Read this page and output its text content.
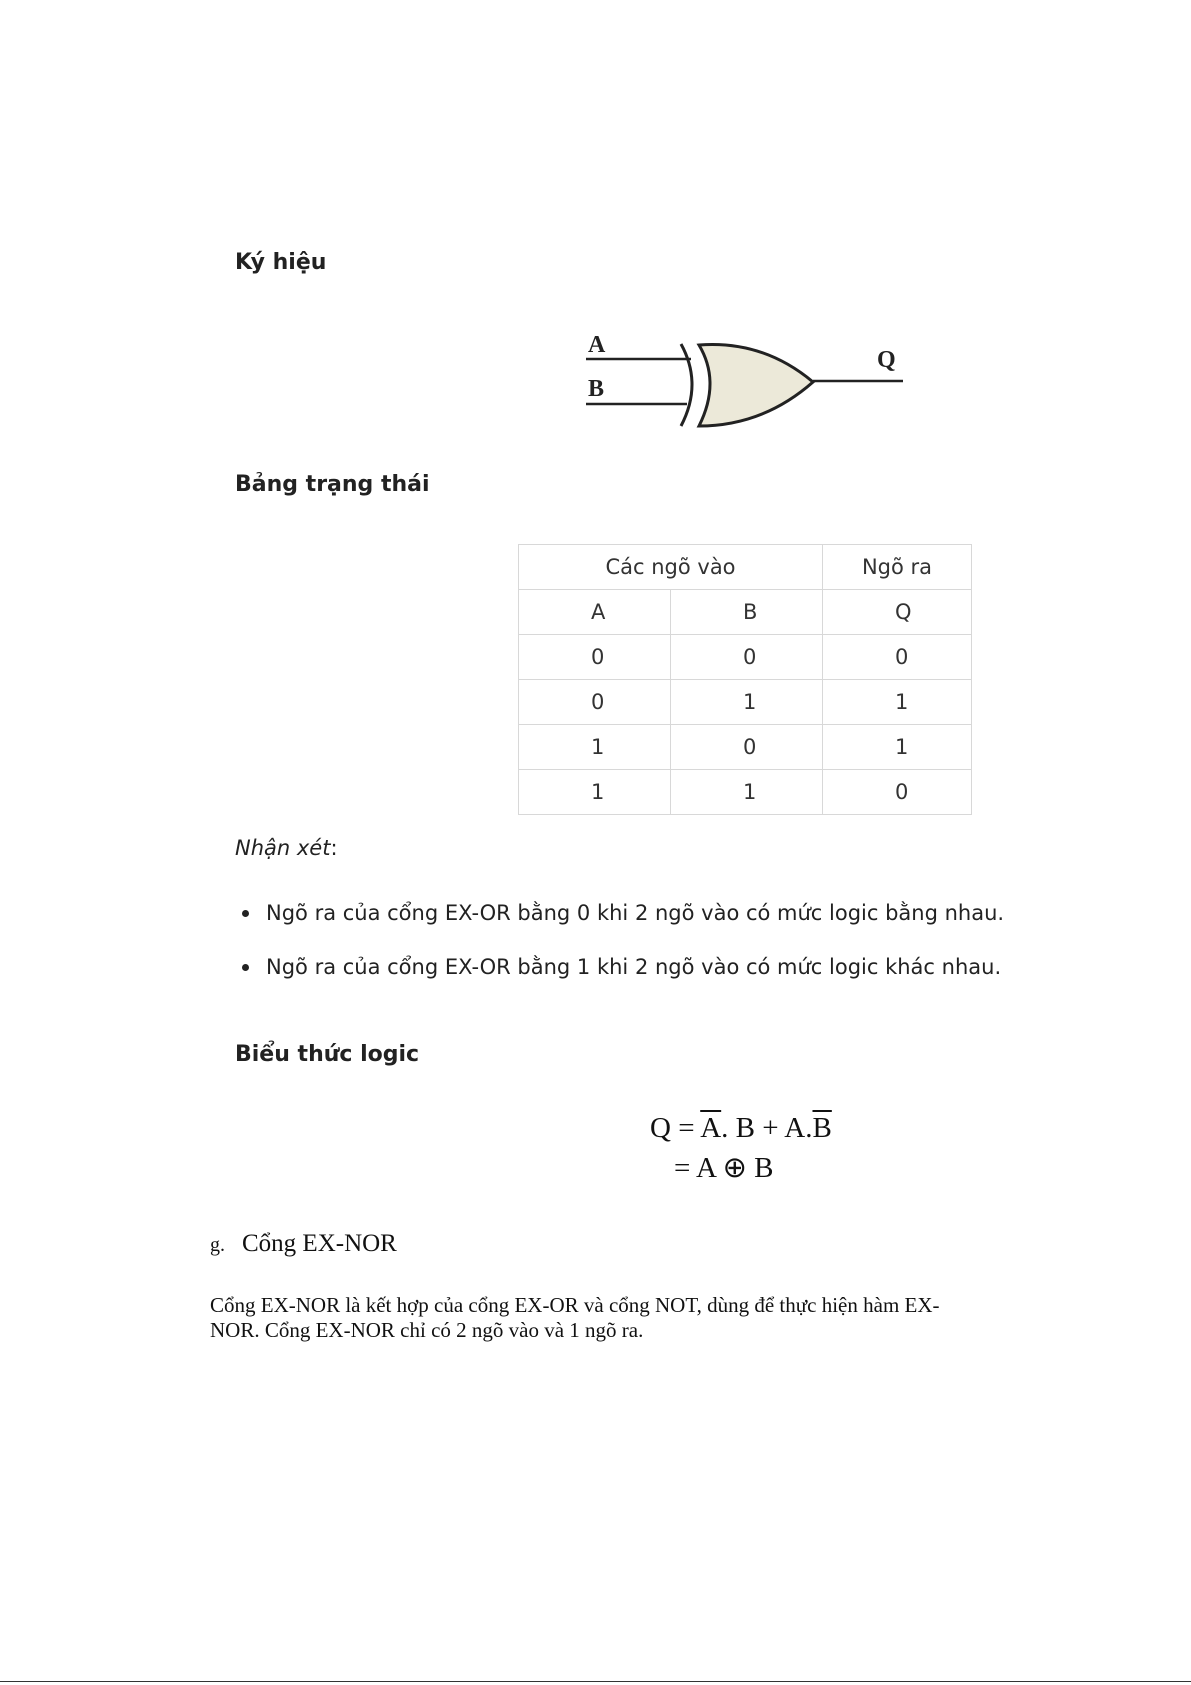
Ký hiệu
A
B
Q
Bảng trạng thái
Các ngõ vào		Ngõ ra
A	B	Q
0	0	0
0	1	1
1	0	1
1	1	0
Nhận xét:
Ngõ ra của cổng EX-OR bằng 0 khi 2 ngõ vào có mức logic bằng nhau.
Ngõ ra của cổng EX-OR bằng 1 khi 2 ngõ vào có mức logic khác nhau.
Biểu thức logic
$Q = \overline{A}$. $B + A.\overline{B}$
= A ⊕ B
g. Cổng EX-NOR
Cổng EX-NOR là kết hợp của cổng EX-OR và cổng NOT, dùng để thực hiện hàm EX-
NOR. Cổng EX-NOR chỉ có 2 ngõ vào và 1 ngõ ra.
